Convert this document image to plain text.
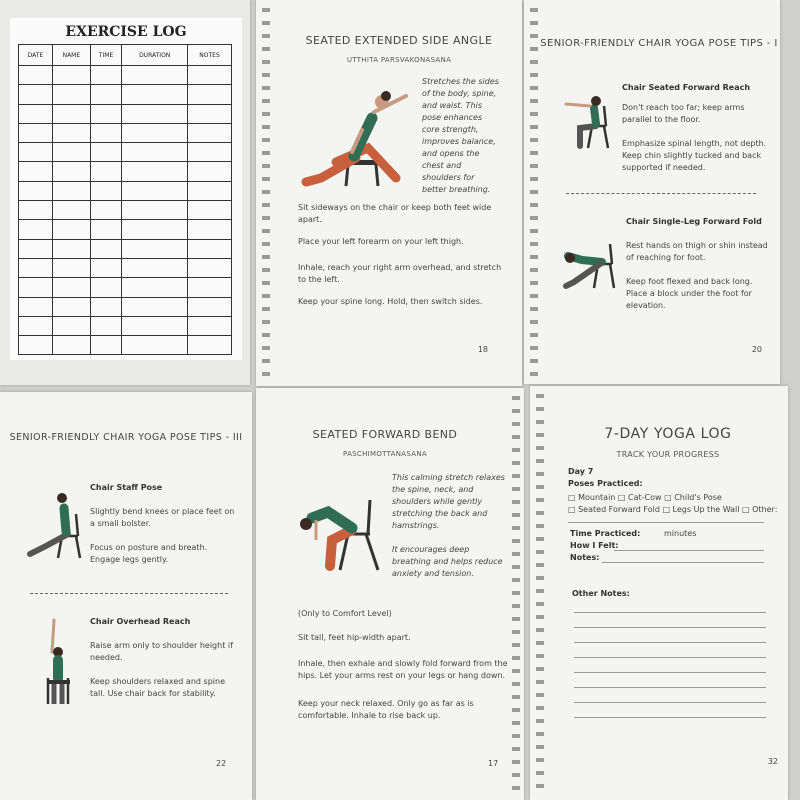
EXERCISE LOG
DATE	NAME	TIME	DURATION	NOTES

SEATED EXTENDED SIDE ANGLE
UTTHITA PARSVAKONASANA
Stretches the sides
of the body, spine,
and waist. This
pose enhances
core strength,
improves balance,
and opens the
chest and
shoulders for
better breathing.
Sit sideways on the chair or keep both feet wide
apart.
Place your left forearm on your left thigh.
Inhale, reach your right arm overhead, and stretch
to the left.
Keep your spine long. Hold, then switch sides.
18
SENIOR-FRIENDLY CHAIR YOGA POSE TIPS - I
Chair Seated Forward Reach
Don't reach too far; keep arms
parallel to the floor.
Emphasize spinal length, not depth.
Keep chin slightly tucked and back
supported if needed.
Chair Single-Leg Forward Fold
Rest hands on thigh or shin instead
of reaching for foot.
Keep foot flexed and back long.
Place a block under the foot for
elevation.
20
SENIOR-FRIENDLY CHAIR YOGA POSE TIPS - III
Chair Staff Pose
Slightly bend knees or place feet on
a small bolster.
Focus on posture and breath.
Engage legs gently.
Chair Overhead Reach
Raise arm only to shoulder height if
needed.
Keep shoulders relaxed and spine
tall. Use chair back for stability.
22
SEATED FORWARD BEND
PASCHIMOTTANASANA
This calming stretch relaxes
the spine, neck, and
shoulders while gently
stretching the back and
hamstrings.
It encourages deep
breathing and helps reduce
anxiety and tension.
(Only to Comfort Level)
Sit tall, feet hip-width apart.
Inhale, then exhale and slowly fold forward from the
hips. Let your arms rest on your legs or hang down.
Keep your neck relaxed. Only go as far as is
comfortable. Inhale to rise back up.
17
7-DAY YOGA LOG
TRACK YOUR PROGRESS
Day 7
Poses Practiced:
□ Mountain □ Cat-Cow □ Child's Pose
□ Seated Forward Fold □ Legs Up the Wall □ Other:
Time Practiced:	minutes
How I Felt:
Notes:
Other Notes:
32
